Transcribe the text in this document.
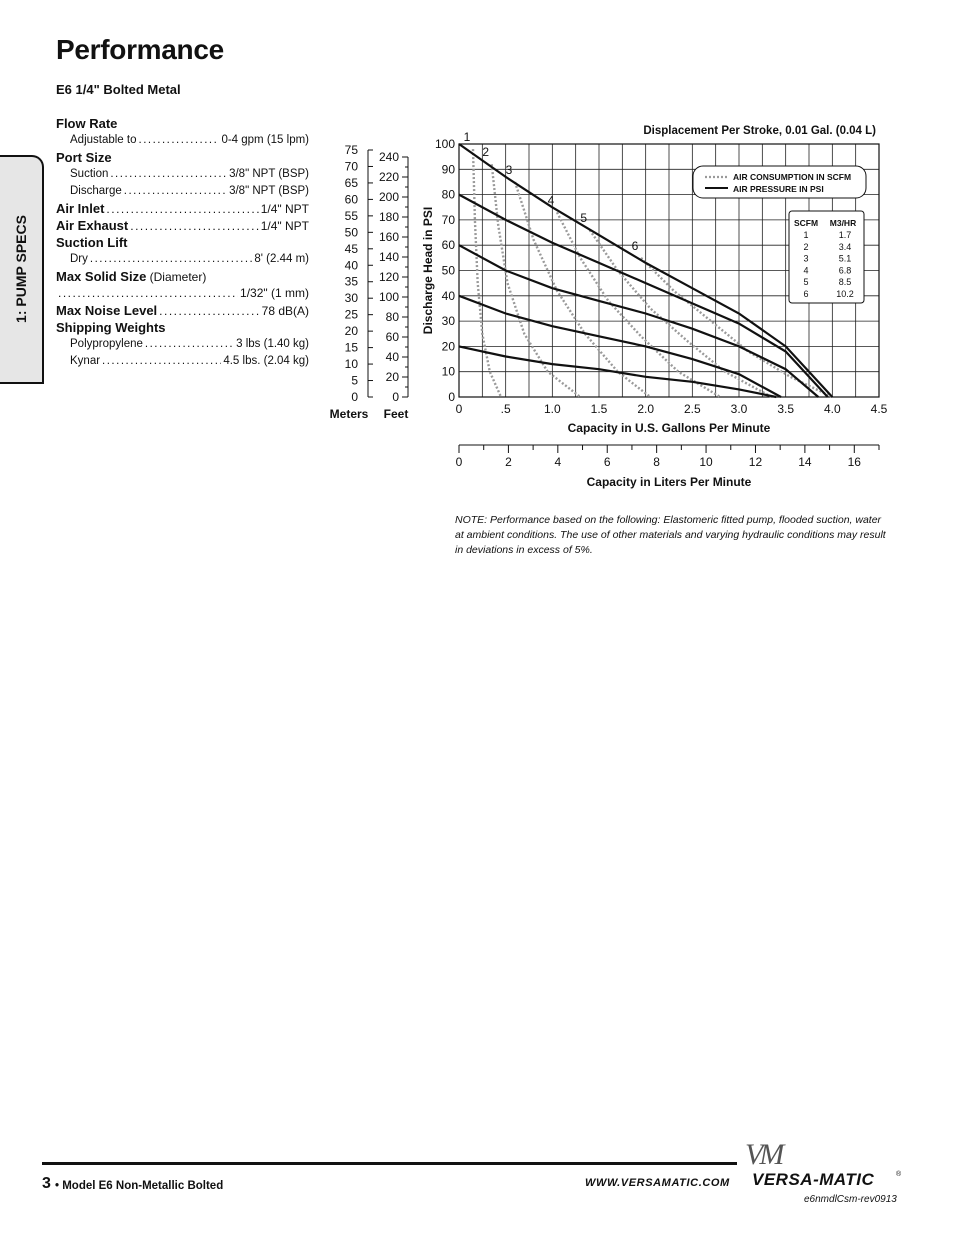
Performance
E6 1/4" Bolted Metal
1: PUMP SPECS
Flow Rate
Adjustable to .....	0-4 gpm (15 lpm)
Port Size
Suction .....	3/8" NPT (BSP)
Discharge .....	3/8" NPT (BSP)
Air Inlet .....	1/4" NPT
Air Exhaust .....	1/4" NPT
Suction Lift
Dry .....	8' (2.44 m)
Max Solid Size (Diameter)
.....
1/32" (1 mm)
Max Noise Level .....	78 dB(A)
Shipping Weights
Polypropylene .....	3 lbs (1.40 kg)
Kynar .....	4.5 lbs. (2.04 kg)
0
10
20
30
40
50
60
70
80
90
100
0	.5	1.0 1.5 2.0 2.5 3.0 3.5 4.0 4.5
Capacity in U.S. Gallons Per Minute
Discharge Head in PSI
Displacement Per Stroke, 0.01 Gal. (0.04 L)
0
20
40
60
80
100
120
140
160
180
200
220
240
Feet
0
5
10
15
20
25
30
35
40
45
50
55
60
65
70
75
Meters
0	2	4	6	8	10	12	14	16
Capacity in Liters Per Minute
1
2
3
4
5
6
AIR CONSUMPTION IN SCFM
AIR PRESSURE IN PSI
SCFM M3/HR
1	1.7
2	3.4
3	5.1
4	6.8
5	8.5
6	10.2
NOTE: Performance based on the following: Elastomeric fitted pump, flooded suction, water at ambient conditions. The use of other materials and varying hydraulic conditions may result in deviations in excess of 5%.
3 • Model E6 Non-Metallic Bolted	WWW.VERSAMATIC.COM
VM
VERSA-MATIC	®
e6nmdlCsm-rev0913
